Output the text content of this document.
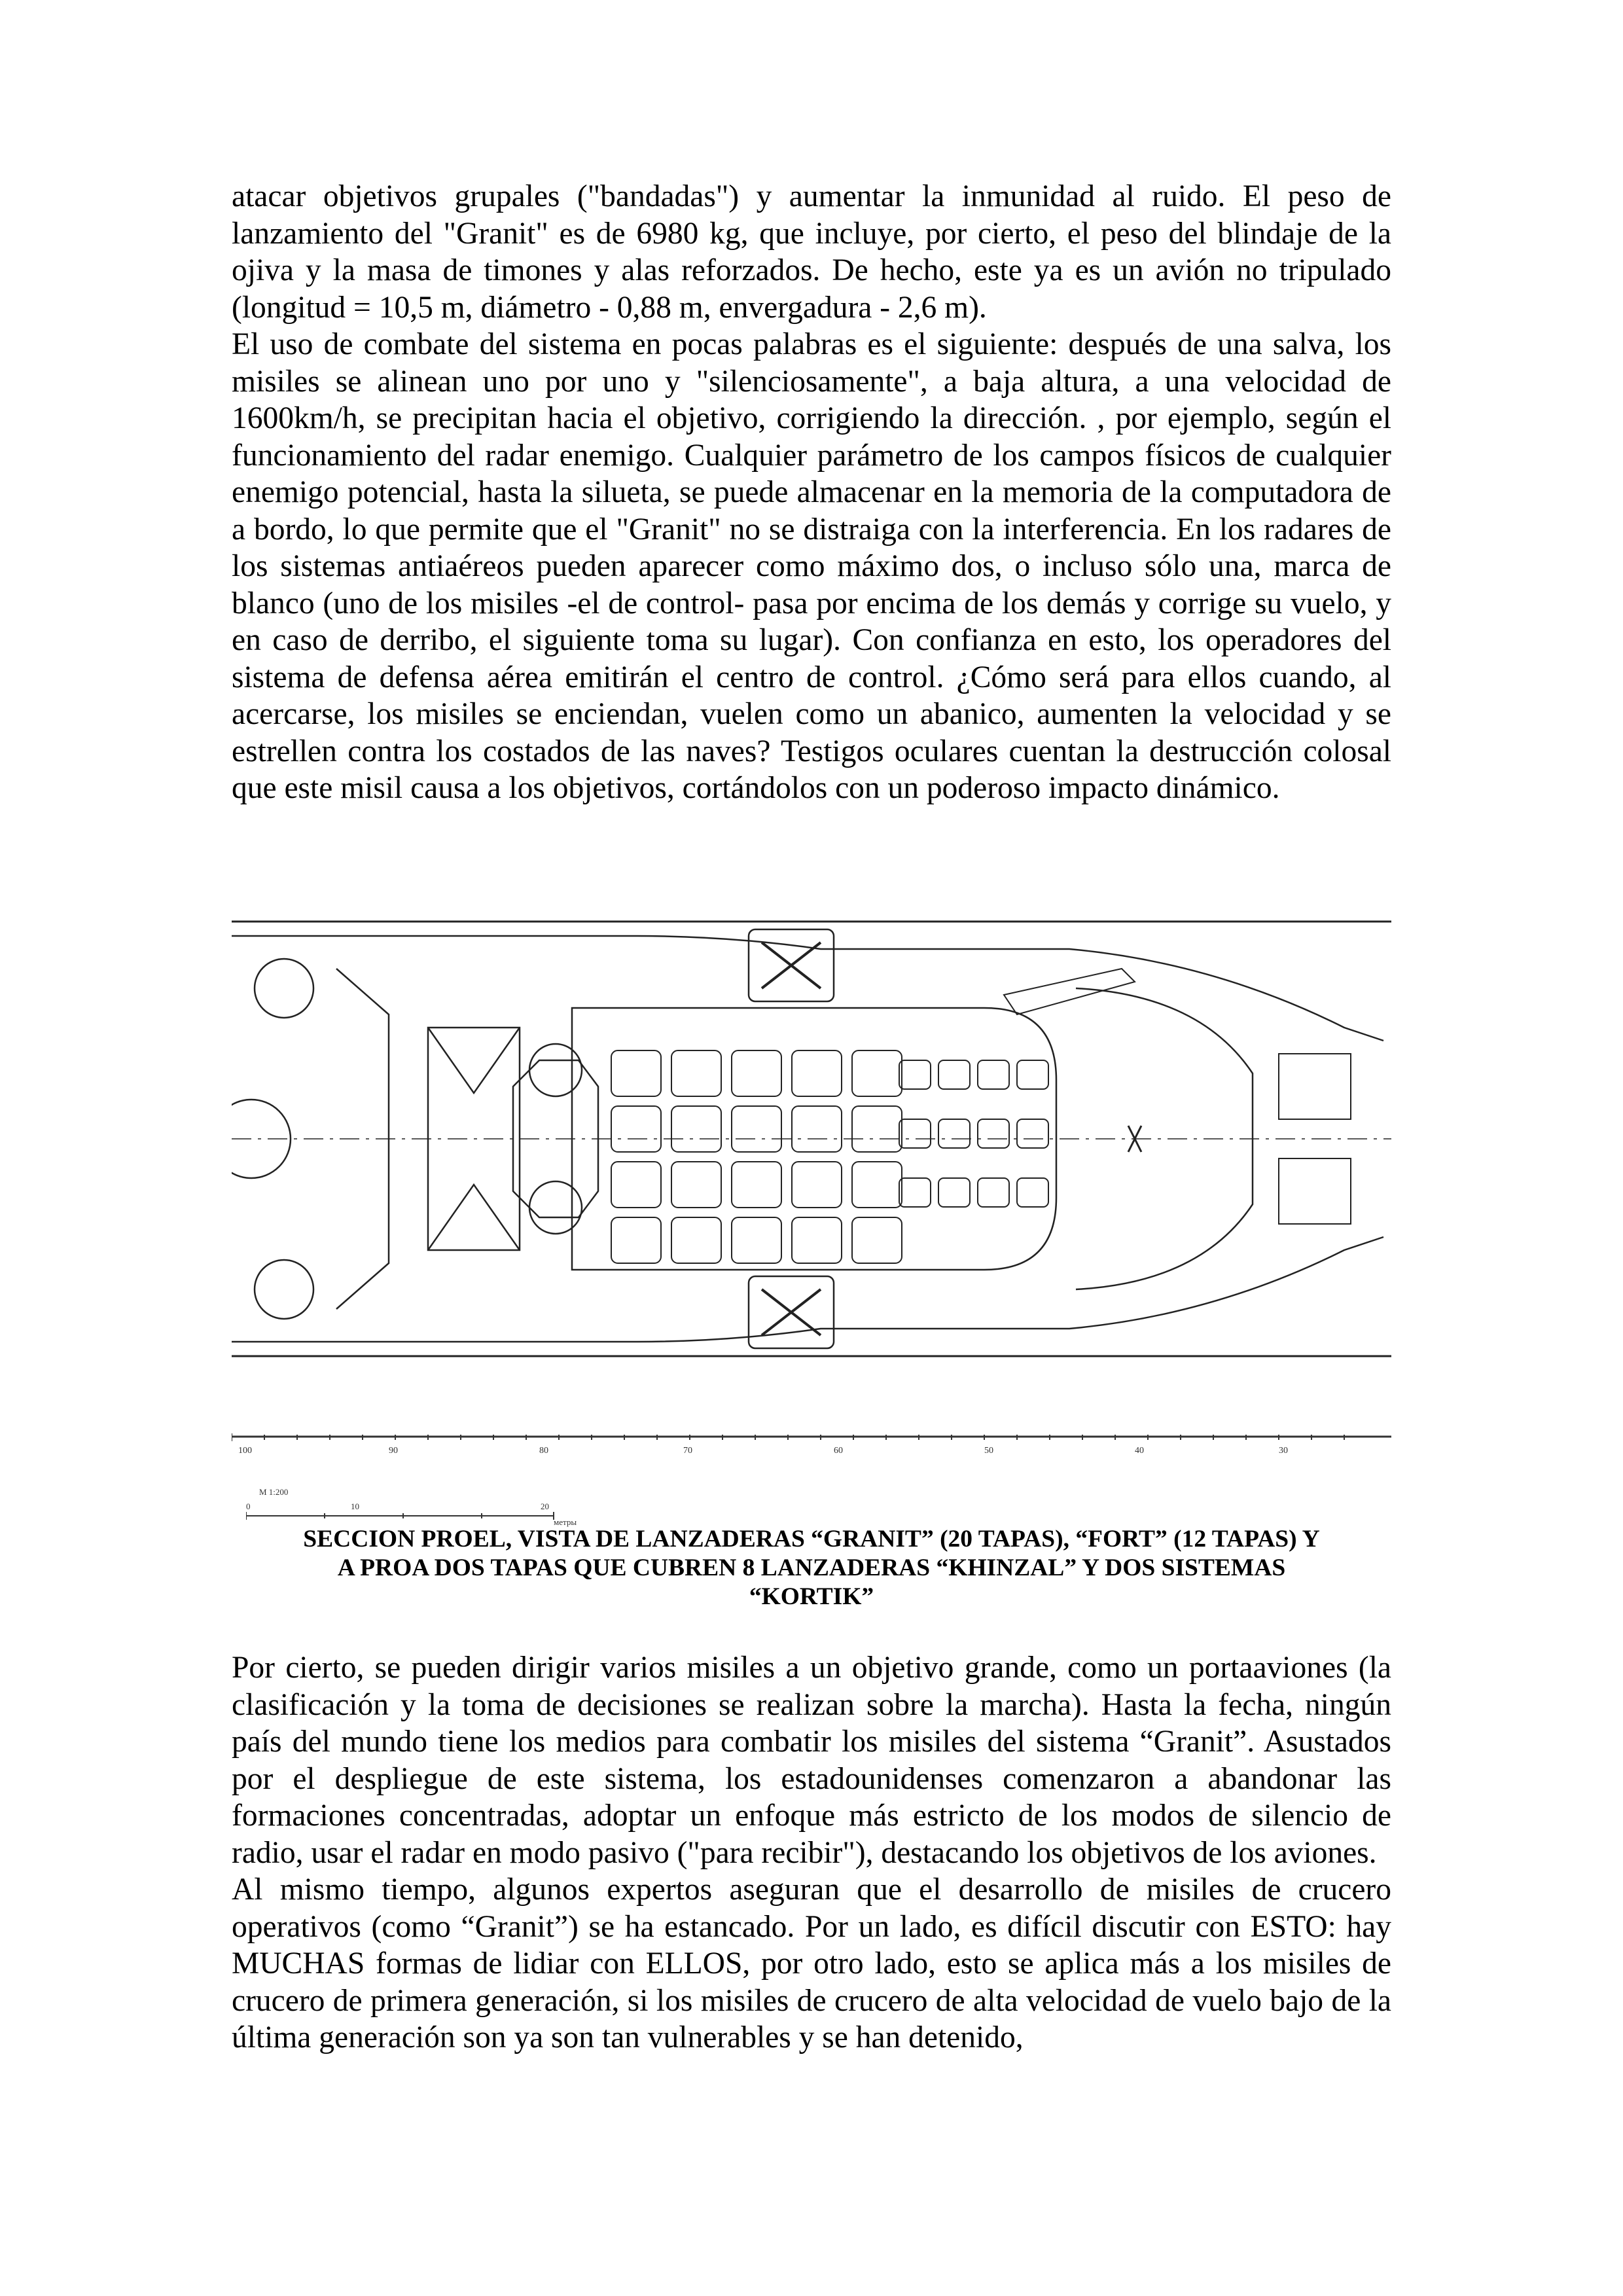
atacar objetivos grupales ("bandadas") y aumentar la inmunidad al ruido. El peso de lanzamiento del "Granit" es de 6980 kg, que incluye, por cierto, el peso del blindaje de la ojiva y la masa de timones y alas reforzados. De hecho, este ya es un avión no tripulado (longitud = 10,5 m, diámetro - 0,88 m, envergadura - 2,6 m).

El uso de combate del sistema en pocas palabras es el siguiente: después de una salva, los misiles se alinean uno por uno y "silenciosamente", a baja altura, a una velocidad de 1600km/h, se precipitan hacia el objetivo, corrigiendo la dirección. , por ejemplo, según el funcionamiento del radar enemigo. Cualquier parámetro de los campos físicos de cualquier enemigo potencial, hasta la silueta, se puede almacenar en la memoria de la computadora de a bordo, lo que permite que el "Granit" no se distraiga con la interferencia. En los radares de los sistemas antiaéreos pueden aparecer como máximo dos, o incluso sólo una, marca de blanco (uno de los misiles -el de control- pasa por encima de los demás y corrige su vuelo, y en caso de derribo, el siguiente toma su lugar). Con confianza en esto, los operadores del sistema de defensa aérea emitirán el centro de control. ¿Cómo será para ellos cuando, al acercarse, los misiles se enciendan, vuelen como un abanico, aumenten la velocidad y se estrellen contra los costados de las naves? Testigos oculares cuentan la destrucción colosal que este misil causa a los objetivos, cortándolos con un poderoso impacto dinámico.

100	90	80	70	60	50	40	30
M 1:200
0	10	20
метры
SECCION PROEL, VISTA DE LANZADERAS “GRANIT” (20 TAPAS), “FORT” (12 TAPAS) Y
A PROA DOS TAPAS QUE CUBREN 8 LANZADERAS “KHINZAL” Y DOS SISTEMAS
“KORTIK”

Por cierto, se pueden dirigir varios misiles a un objetivo grande, como un portaaviones (la clasificación y la toma de decisiones se realizan sobre la marcha). Hasta la fecha, ningún país del mundo tiene los medios para combatir los misiles del sistema “Granit”. Asustados por el despliegue de este sistema, los estadounidenses comenzaron a abandonar las formaciones concentradas, adoptar un enfoque más estricto de los modos de silencio de radio, usar el radar en modo pasivo ("para recibir"), destacando los objetivos de los aviones.

Al mismo tiempo, algunos expertos aseguran que el desarrollo de misiles de crucero operativos (como “Granit”) se ha estancado. Por un lado, es difícil discutir con ESTO: hay MUCHAS formas de lidiar con ELLOS, por otro lado, esto se aplica más a los misiles de crucero de primera generación, si los misiles de crucero de alta velocidad de vuelo bajo de la última generación son ya son tan vulnerables y se han detenido,
